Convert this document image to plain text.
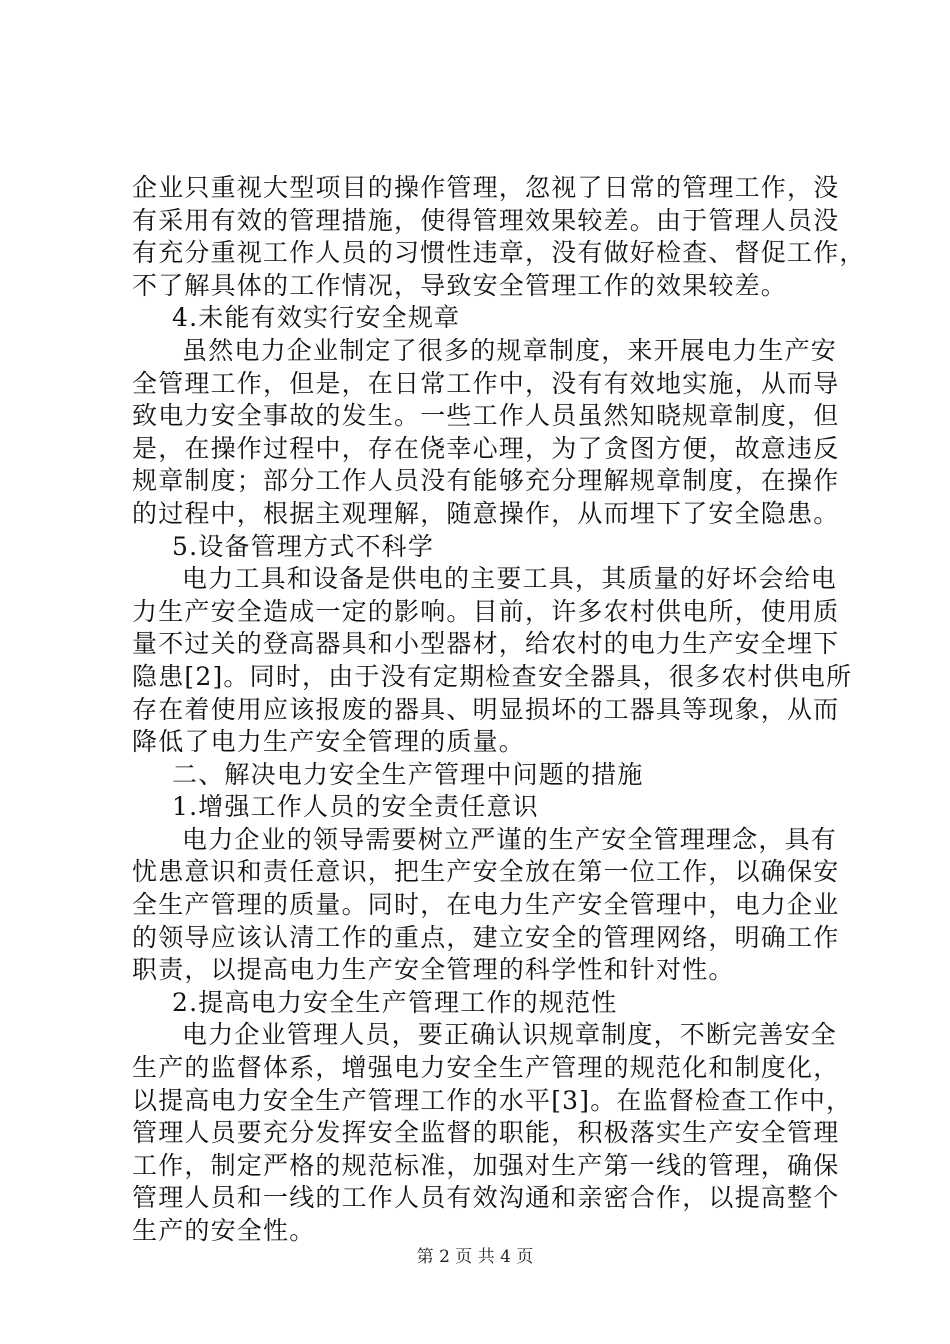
企业只重视大型项目的操作管理，忽视了日常的管理工作，没
有采用有效的管理措施，使得管理效果较差。由于管理人员没
有充分重视工作人员的习惯性违章，没有做好检查、督促工作，
不了解具体的工作情况，导致安全管理工作的效果较差。
4.未能有效实行安全规章
虽然电力企业制定了很多的规章制度，来开展电力生产安
全管理工作，但是，在日常工作中，没有有效地实施，从而导
致电力安全事故的发生。一些工作人员虽然知晓规章制度，但
是，在操作过程中，存在侥幸心理，为了贪图方便，故意违反
规章制度；部分工作人员没有能够充分理解规章制度，在操作
的过程中，根据主观理解，随意操作，从而埋下了安全隐患。
5.设备管理方式不科学
电力工具和设备是供电的主要工具，其质量的好坏会给电
力生产安全造成一定的影响。目前，许多农村供电所，使用质
量不过关的登高器具和小型器材，给农村的电力生产安全埋下
隐患[2]。同时，由于没有定期检查安全器具，很多农村供电所
存在着使用应该报废的器具、明显损坏的工器具等现象，从而
降低了电力生产安全管理的质量。
二、解决电力安全生产管理中问题的措施
1.增强工作人员的安全责任意识
电力企业的领导需要树立严谨的生产安全管理理念，具有
忧患意识和责任意识，把生产安全放在第一位工作，以确保安
全生产管理的质量。同时，在电力生产安全管理中，电力企业
的领导应该认清工作的重点，建立安全的管理网络，明确工作
职责，以提高电力生产安全管理的科学性和针对性。
2.提高电力安全生产管理工作的规范性
电力企业管理人员，要正确认识规章制度，不断完善安全
生产的监督体系，增强电力安全生产管理的规范化和制度化，
以提高电力安全生产管理工作的水平[3]。在监督检查工作中，
管理人员要充分发挥安全监督的职能，积极落实生产安全管理
工作，制定严格的规范标准，加强对生产第一线的管理，确保
管理人员和一线的工作人员有效沟通和亲密合作，以提高整个
生产的安全性。
第 2 页 共 4 页
